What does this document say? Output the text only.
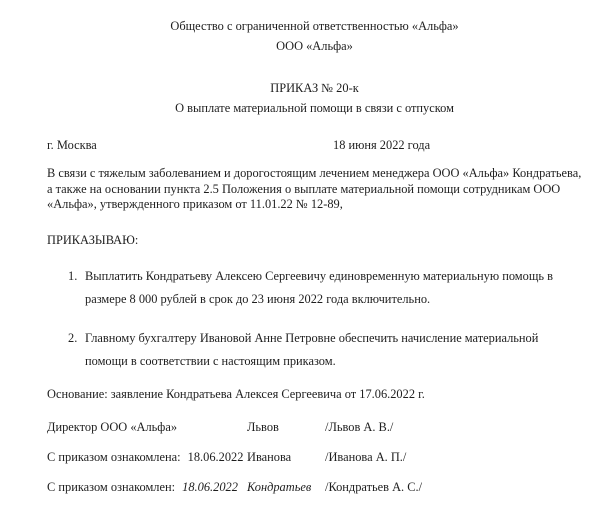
Общество с ограниченной ответственностью «Альфа»
ООО «Альфа»
ПРИКАЗ № 20-к
О выплате материальной помощи в связи с отпуском
г. Москва	18 июня 2022 года

В связи с тяжелым заболеванием и дорогостоящим лечением менеджера ООО «Альфа» Кондратьева, а также на основании пункта 2.5 Положения о выплате материальной помощи сотрудникам ООО «Альфа», утвержденного приказом от 11.01.22 № 12-89,

ПРИКАЗЫВАЮ:
1. Выплатить Кондратьеву Алексею Сергеевичу единовременную материальную помощь в размере 8 000 рублей в срок до 23 июня 2022 года включительно.
2. Главному бухгалтеру Ивановой Анне Петровне обеспечить начисление материальной помощи в соответствии с настоящим приказом.

Основание: заявление Кондратьева Алексея Сергеевича от 17.06.2022 г.

Директор ООО «Альфа»	Львов	/Львов А. В./
С приказом ознакомлена: 18.06.2022 Иванова	/Иванова А. П./
С приказом ознакомлен: 18.06.2022 Кондратьев	/Кондратьев А. С./
